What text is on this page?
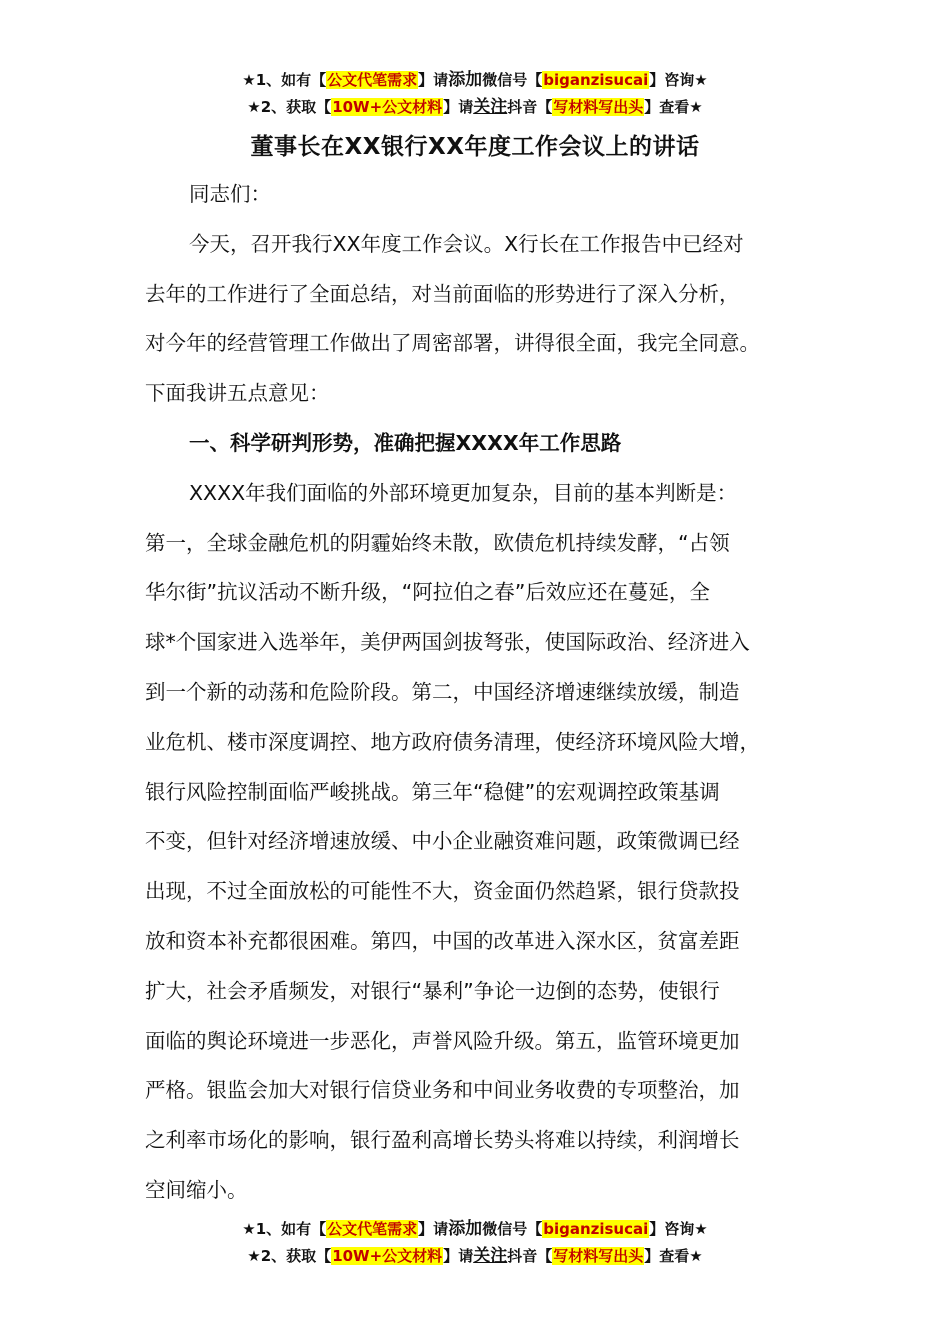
★1、如有【公文代笔需求】请添加微信号【biganzisucai】咨询★
★2、获取【10W+公文材料】请关注抖音【写材料写出头】查看★
董事长在XX银行XX年度工作会议上的讲话
同志们：
今天，召开我行XX年度工作会议。X行长在工作报告中已经对
去年的工作进行了全面总结，对当前面临的形势进行了深入分析，
对今年的经营管理工作做出了周密部署，讲得很全面，我完全同意。
下面我讲五点意见：
一、科学研判形势，准确把握XXXX年工作思路
XXXX年我们面临的外部环境更加复杂，目前的基本判断是：
第一，全球金融危机的阴霾始终未散，欧债危机持续发酵，“占领
华尔街”抗议活动不断升级，“阿拉伯之春”后效应还在蔓延，全
球*个国家进入选举年，美伊两国剑拔弩张，使国际政治、经济进入
到一个新的动荡和危险阶段。第二，中国经济增速继续放缓，制造
业危机、楼市深度调控、地方政府债务清理，使经济环境风险大增，
银行风险控制面临严峻挑战。第三年“稳健”的宏观调控政策基调
不变，但针对经济增速放缓、中小企业融资难问题，政策微调已经
出现，不过全面放松的可能性不大，资金面仍然趋紧，银行贷款投
放和资本补充都很困难。第四，中国的改革进入深水区，贫富差距
扩大，社会矛盾频发，对银行“暴利”争论一边倒的态势，使银行
面临的舆论环境进一步恶化，声誉风险升级。第五，监管环境更加
严格。银监会加大对银行信贷业务和中间业务收费的专项整治，加
之利率市场化的影响，银行盈利高增长势头将难以持续，利润增长
空间缩小。
★1、如有【公文代笔需求】请添加微信号【biganzisucai】咨询★
★2、获取【10W+公文材料】请关注抖音【写材料写出头】查看★
